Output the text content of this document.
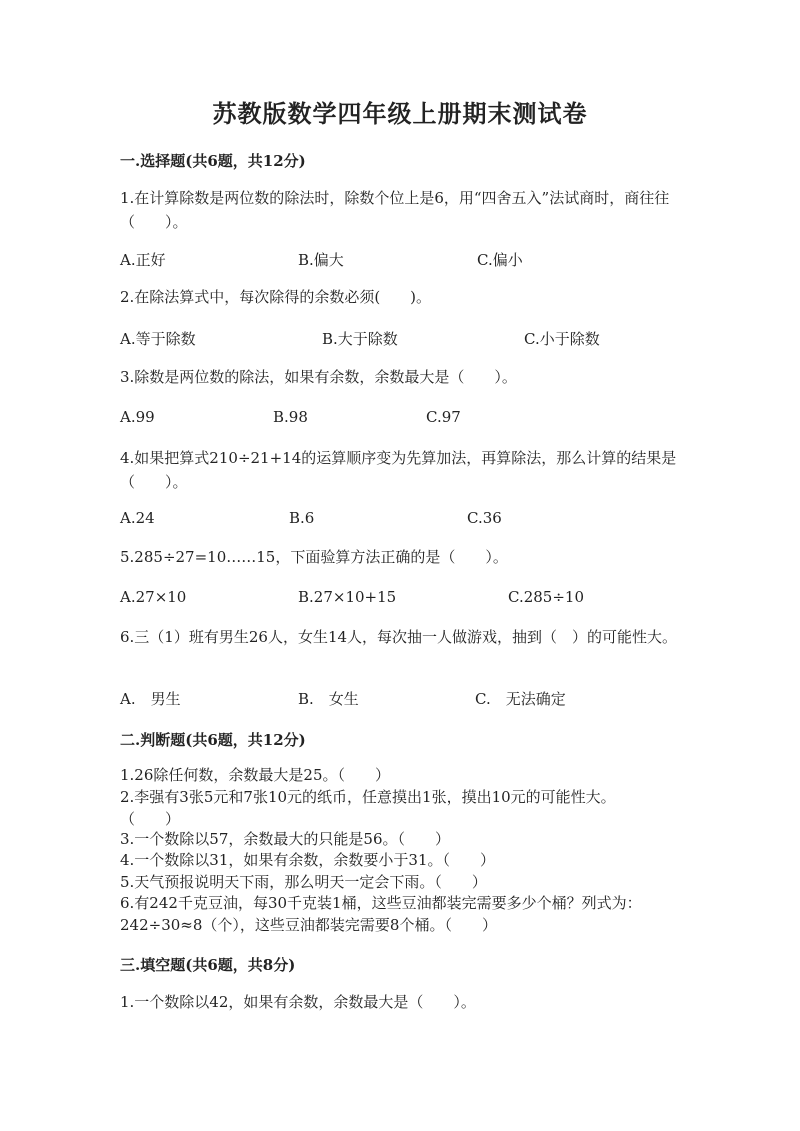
苏教版数学四年级上册期末测试卷
一.选择题(共6题，共12分)
1.在计算除数是两位数的除法时，除数个位上是6，用“四舍五入”法试商时，商往往（　　）。
A.正好	B.偏大	C.偏小
2.在除法算式中，每次除得的余数必须(　　)。
A.等于除数	B.大于除数	C.小于除数
3.除数是两位数的除法，如果有余数，余数最大是（　　）。
A.99	B.98	C.97
4.如果把算式210÷21+14的运算顺序变为先算加法，再算除法，那么计算的结果是（　　）。
A.24	B.6	C.36
5.285÷27=10……15，下面验算方法正确的是（　　）。
A.27×10	B.27×10+15	C.285÷10
6.三（1）班有男生26人，女生14人，每次抽一人做游戏，抽到（　）的可能性大。
A.　男生	B.　女生	C.　无法确定
二.判断题(共6题，共12分)
1.26除任何数，余数最大是25。（　　）
2.李强有3张5元和7张10元的纸币，任意摸出1张，摸出10元的可能性大。　　（　　）
3.一个数除以57，余数最大的只能是56。（　　）
4.一个数除以31，如果有余数，余数要小于31。（　　）
5.天气预报说明天下雨，那么明天一定会下雨。（　　）
6.有242千克豆油，每30千克装1桶，这些豆油都装完需要多少个桶？列式为：242÷30≈8（个），这些豆油都装完需要8个桶。（　　）
三.填空题(共6题，共8分)
1.一个数除以42，如果有余数，余数最大是（　　）。
